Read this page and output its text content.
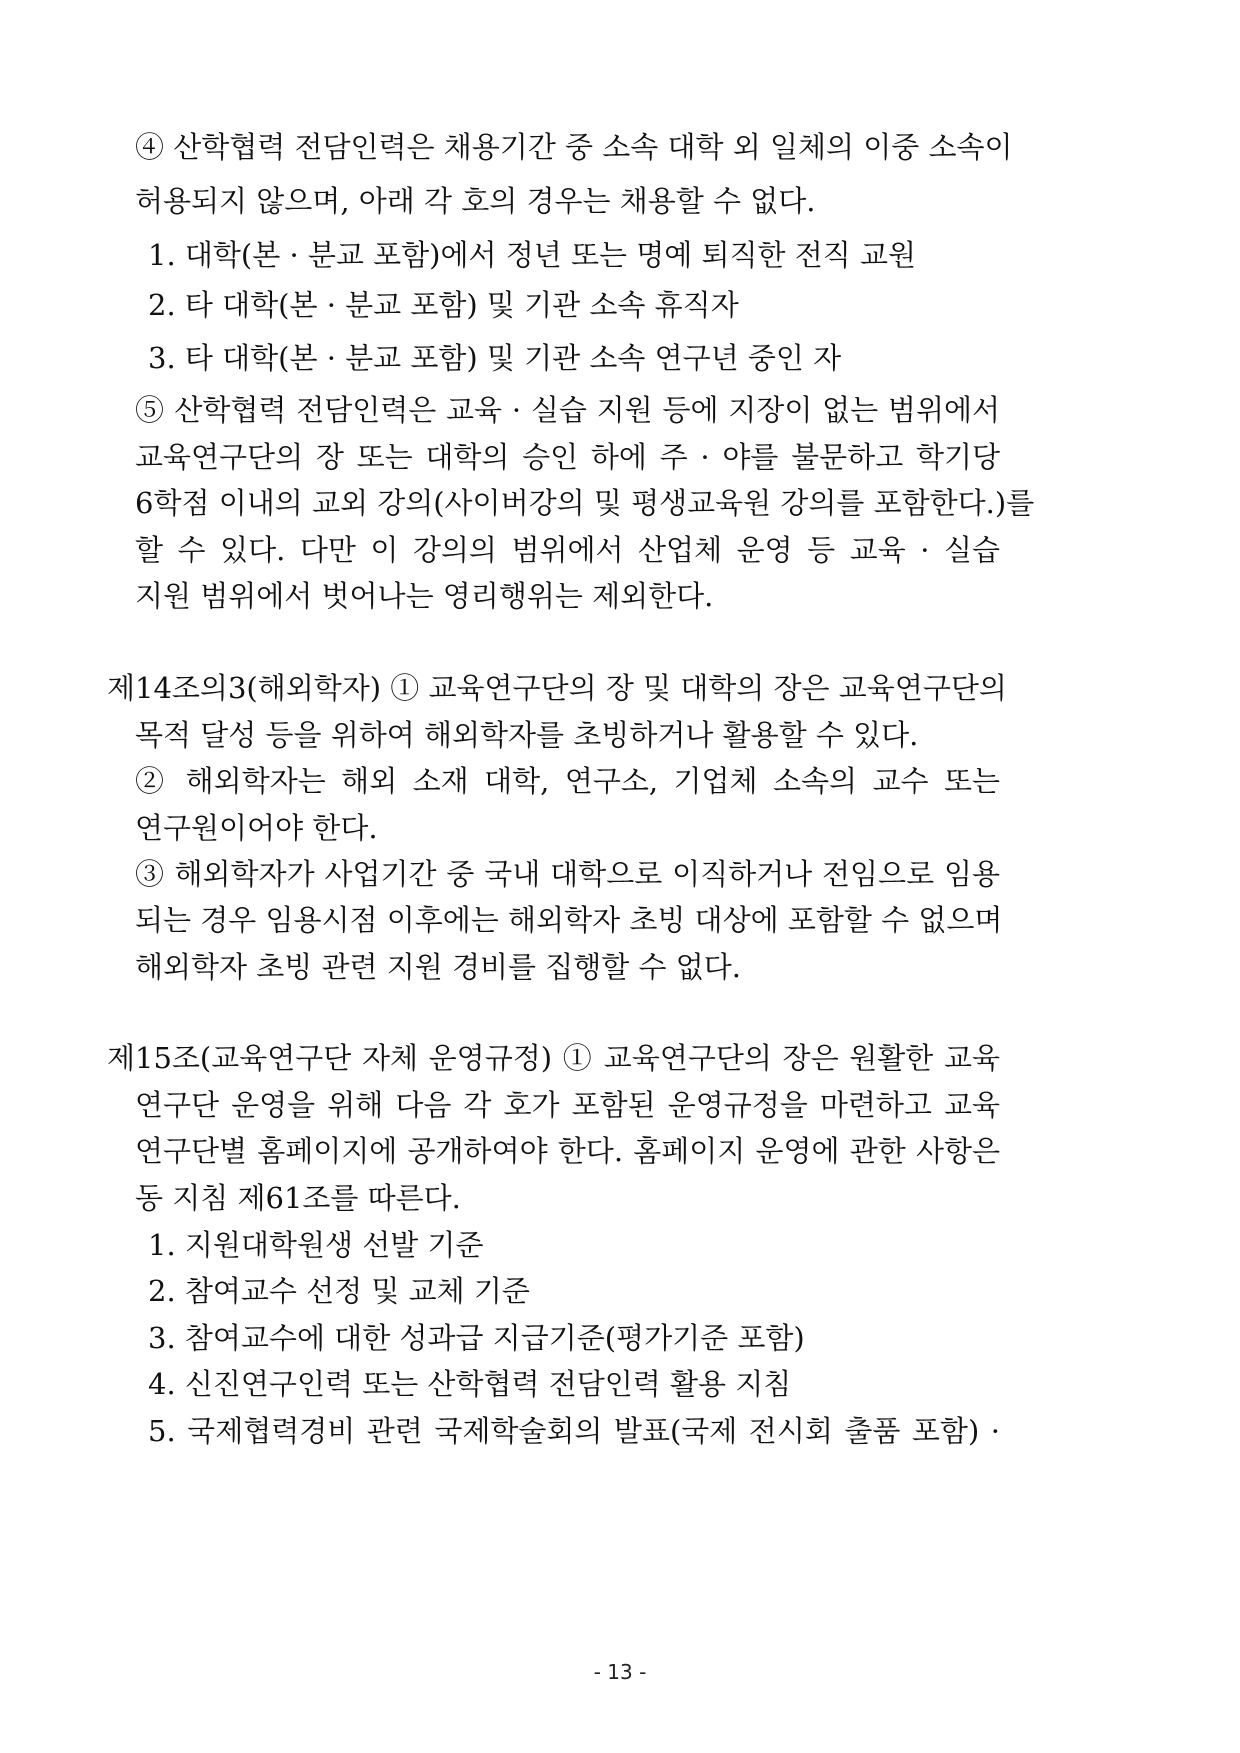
④ 산학협력 전담인력은 채용기간 중 소속 대학 외 일체의 이중 소속이
허용되지 않으며, 아래 각 호의 경우는 채용할 수 없다.
1. 대학(본 · 분교 포함)에서 정년 또는 명예 퇴직한 전직 교원
2. 타 대학(본 · 분교 포함) 및 기관 소속 휴직자
3. 타 대학(본 · 분교 포함) 및 기관 소속 연구년 중인 자
⑤ 산학협력 전담인력은 교육 · 실습 지원 등에 지장이 없는 범위에서
교육연구단의 장 또는 대학의 승인 하에 주 · 야를 불문하고 학기당
6학점 이내의 교외 강의(사이버강의 및 평생교육원 강의를 포함한다.)를
할 수 있다. 다만 이 강의의 범위에서 산업체 운영 등 교육 · 실습
지원 범위에서 벗어나는 영리행위는 제외한다.
제14조의3(해외학자) ① 교육연구단의 장 및 대학의 장은 교육연구단의
목적 달성 등을 위하여 해외학자를 초빙하거나 활용할 수 있다.
② 해외학자는 해외 소재 대학, 연구소, 기업체 소속의 교수 또는
연구원이어야 한다.
③ 해외학자가 사업기간 중 국내 대학으로 이직하거나 전임으로 임용
되는 경우 임용시점 이후에는 해외학자 초빙 대상에 포함할 수 없으며
해외학자 초빙 관련 지원 경비를 집행할 수 없다.
제15조(교육연구단 자체 운영규정) ① 교육연구단의 장은 원활한 교육
연구단 운영을 위해 다음 각 호가 포함된 운영규정을 마련하고 교육
연구단별 홈페이지에 공개하여야 한다. 홈페이지 운영에 관한 사항은
동 지침 제61조를 따른다.
1. 지원대학원생 선발 기준
2. 참여교수 선정 및 교체 기준
3. 참여교수에 대한 성과급 지급기준(평가기준 포함)
4. 신진연구인력 또는 산학협력 전담인력 활용 지침
5. 국제협력경비 관련 국제학술회의 발표(국제 전시회 출품 포함) ·
- 13 -
